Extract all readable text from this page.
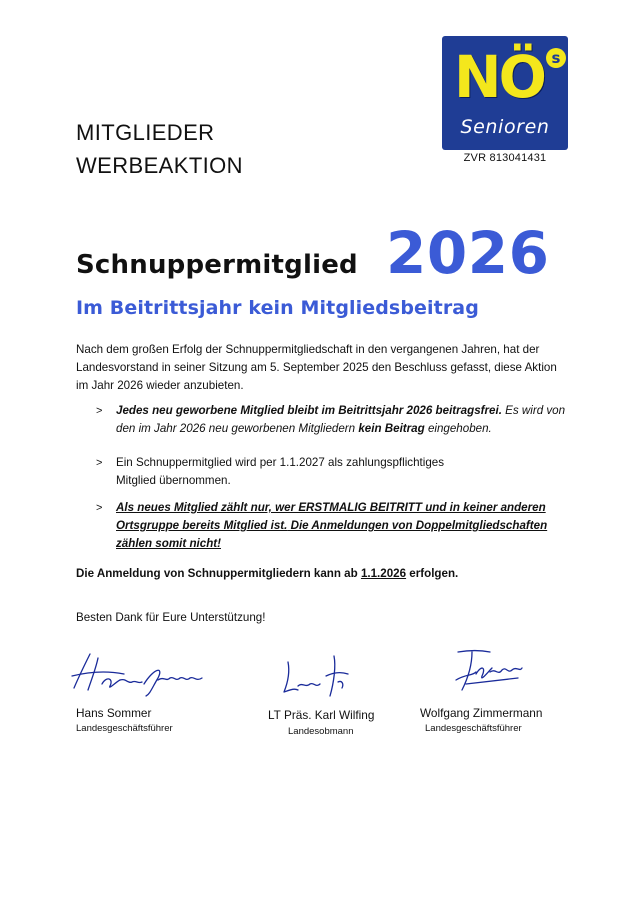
MITGLIEDER
WERBEAKTION
NÖ s
Senioren
ZVR 813041431
Schnuppermitglied 2026
Im Beitrittsjahr kein Mitgliedsbeitrag
Nach dem großen Erfolg der Schnuppermitgliedschaft in den vergangenen Jahren, hat der
Landesvorstand in seiner Sitzung am 5. September 2025 den Beschluss gefasst, diese Aktion
im Jahr 2026 wieder anzubieten.
> Jedes neu geworbene Mitglied bleibt im Beitrittsjahr 2026 beitragsfrei. Es wird von
den im Jahr 2026 neu geworbenen Mitgliedern kein Beitrag eingehoben.
> Ein Schnuppermitglied wird per 1.1.2027 als zahlungspflichtiges
Mitglied übernommen.
> Als neues Mitglied zählt nur, wer ERSTMALIG BEITRITT und in keiner anderen
Ortsgruppe bereits Mitglied ist. Die Anmeldungen von Doppelmitgliedschaften
zählen somit nicht!
Die Anmeldung von Schnuppermitgliedern kann ab 1.1.2026 erfolgen.
Besten Dank für Eure Unterstützung!
Hans Sommer
Landesgeschäftsführer
LT Präs. Karl Wilfing
Landesobmann
Wolfgang Zimmermann
Landesgeschäftsführer
